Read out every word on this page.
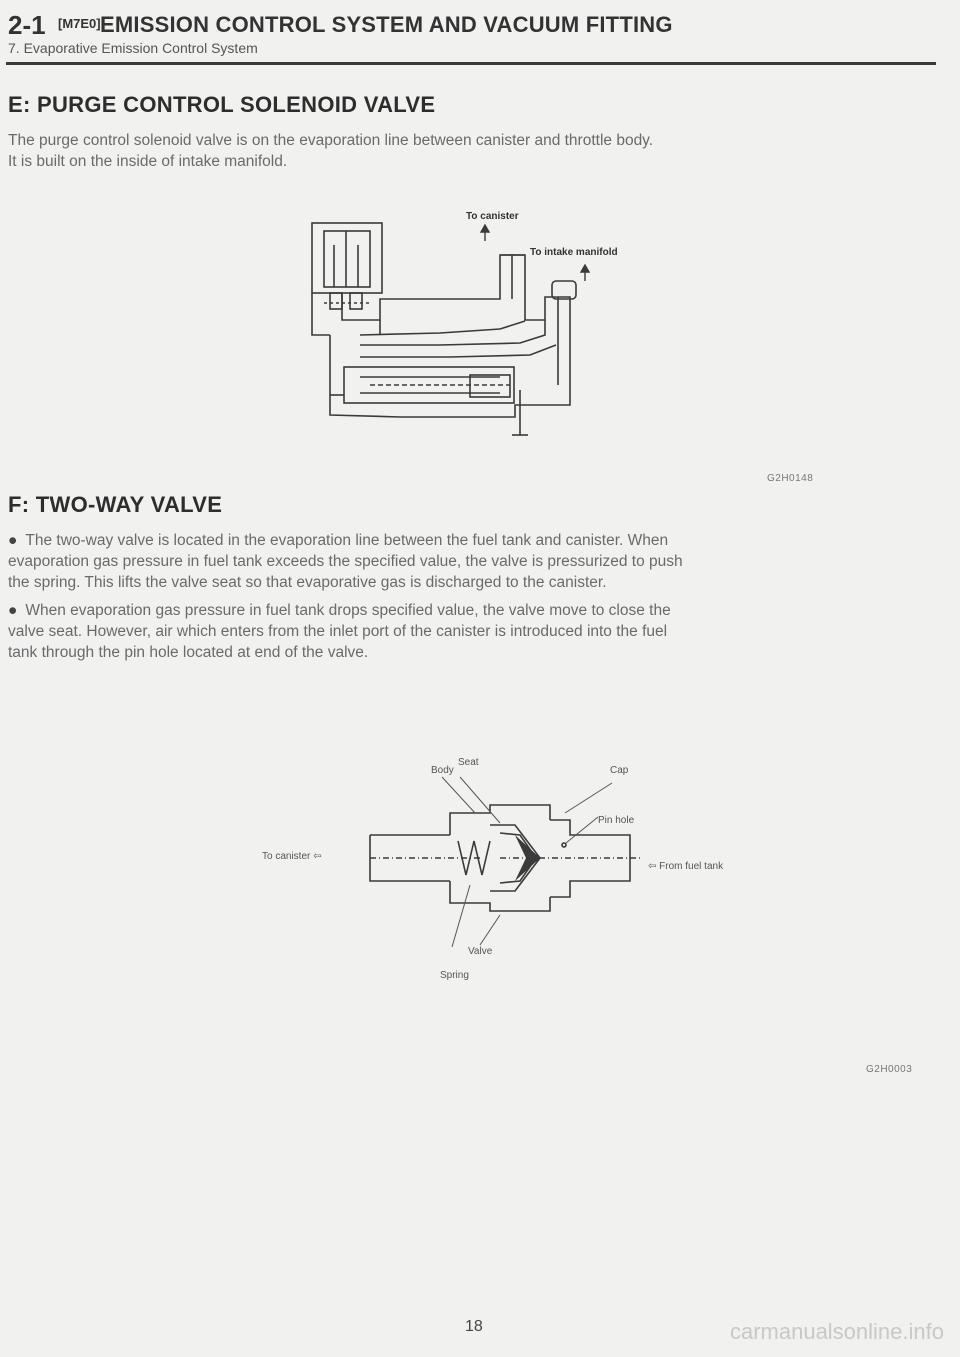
2-1 [M7E0] EMISSION CONTROL SYSTEM AND VACUUM FITTING
7. Evaporative Emission Control System
E: PURGE CONTROL SOLENOID VALVE
The purge control solenoid valve is on the evaporation line between canister and throttle body.
It is built on the inside of intake manifold.
To canister
To intake manifold
G2H0148
F: TWO-WAY VALVE
● The two-way valve is located in the evaporation line between the fuel tank and canister. When
evaporation gas pressure in fuel tank exceeds the specified value, the valve is pressurized to push
the spring. This lifts the valve seat so that evaporative gas is discharged to the canister.
● When evaporation gas pressure in fuel tank drops specified value, the valve move to close the
valve seat. However, air which enters from the inlet port of the canister is introduced into the fuel
tank through the pin hole located at end of the valve.
Body
Seat
Cap
Pin hole
To canister ⇦
⇦ From fuel tank
Valve
Spring
G2H0003
18	carmanualsonline.info
